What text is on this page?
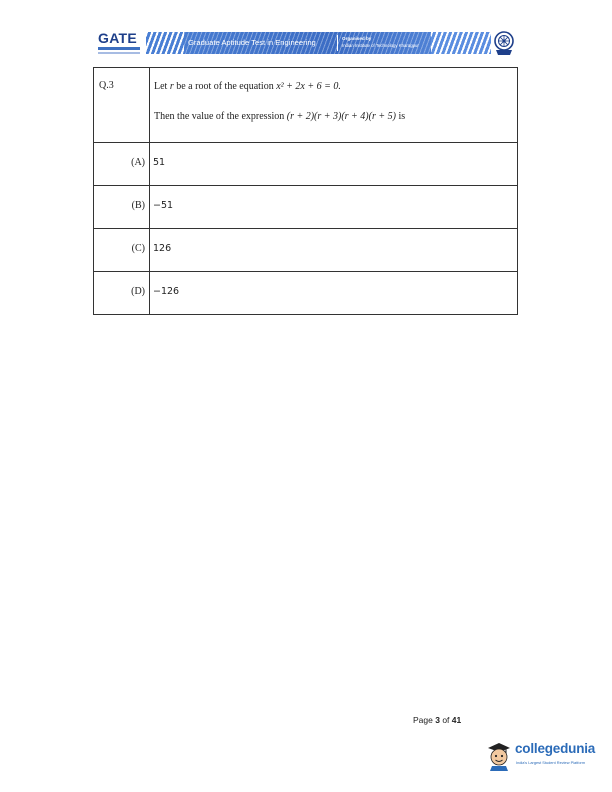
GATE	Graduate Aptitude Test in Engineering	Organised by
Indian Institute of Technology Kharagpur
Q.3	Let r be a root of the equation x² + 2x + 6 = 0.

Then the value of the expression (r + 2)(r + 3)(r + 4)(r + 5) is

(A)	51
(B)	−51
(C)	126
(D)	−126
Page 3 of 41
collegedunia
India's Largest Student Review Platform
